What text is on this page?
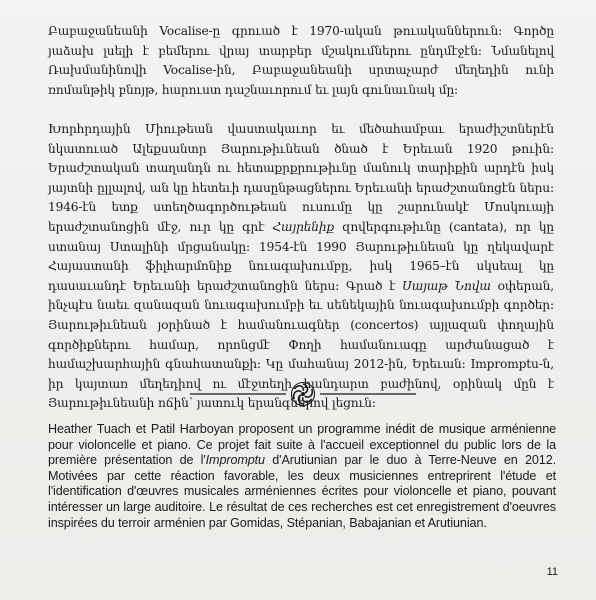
Բաբաջանեանի Vocalise-ը գրուած է 1970-ական թուականներուն։ Գործը յաձախ լսելի է բեմերու վրայ տարբեր մշակումներու ընդմէջէն։ Նմանելով Ռախմանինովի Vocalise-ին, Բաբաջանեանի սրտաչարժ մեղեդին ունի ռոմանթիկ բնոյթ, հարուստ դաշնաւորում եւ լայն գունաւնակ մը։

Խորհրդային Միութեան վաստակաւոր եւ մեծահամբաւ երաժիշտներէն նկատուած Ալեքսանտր Յարութիւնեան ծնած է Երեւան 1920 թուին։ Երաժշտական տաղանդն ու հետաքրքրութիւնը մանուկ տարիքին արդէն իսկ յայտնի ըլլալով, ան կը հետեւի դասընթացներու Երեւանի երաժշտանոցէն ներս։ 1946-էն ետք ստեղծագործութեան ուսումը կը շարունակէ Մոսկուայի երաժշտանոցին մէջ, ուր կը գրէ Հայրենիք զովերգութիւնը (cantata), որ կը ստանայ Ստալինի մրցանակը։ 1954-էն 1990 Յարութիւնեան կը ղեկավարէ Հայաստանի ֆիլհարմոնիք նուագախումբը, իսկ 1965–էն սկսեալ կը դասաւանդէ Երեւանի երաժշտանոցին ներս։ Գրած է Սայաթ Նովա օփերան, ինչպէս նաեւ զանազան նուագախումբի եւ սենեկային նուագախումբի գործեր։ Յարութիւնեան յօրինած է համանուագներ (concertos) այլազան փողային գործիքներու համար, որոնցմէ Փողի համանուագը արժանացած է համաշխարհային գնահատանքի։ Կը մահանայ 2012-ին, Երեւան։ Impromptu-ն, իր կայտառ մեղեդիով ու մէջտեղի հանդարտ բաժինով, օրինակ մըն է Յարութիւնեանի ոճին՝ յատուկ երանգներով լեցուն։

Heather Tuach et Patil Harboyan proposent un programme inédit de musique arménienne pour violoncelle et piano. Ce projet fait suite à l'accueil exceptionnel du public lors de la première présentation de l'Impromptu d'Arutiunian par le duo à Terre-Neuve en 2012. Motivées par cette réaction favorable, les deux musiciennes entreprirent l'étude et l'identification d'œuvres musicales arméniennes écrites pour violoncelle et piano, pouvant intéresser un large auditoire. Le résultat de ces recherches est cet enregistrement d'oeuvres inspirées du terroir arménien par Gomidas, Stépanian, Babajanian et Arutiunian.

11
